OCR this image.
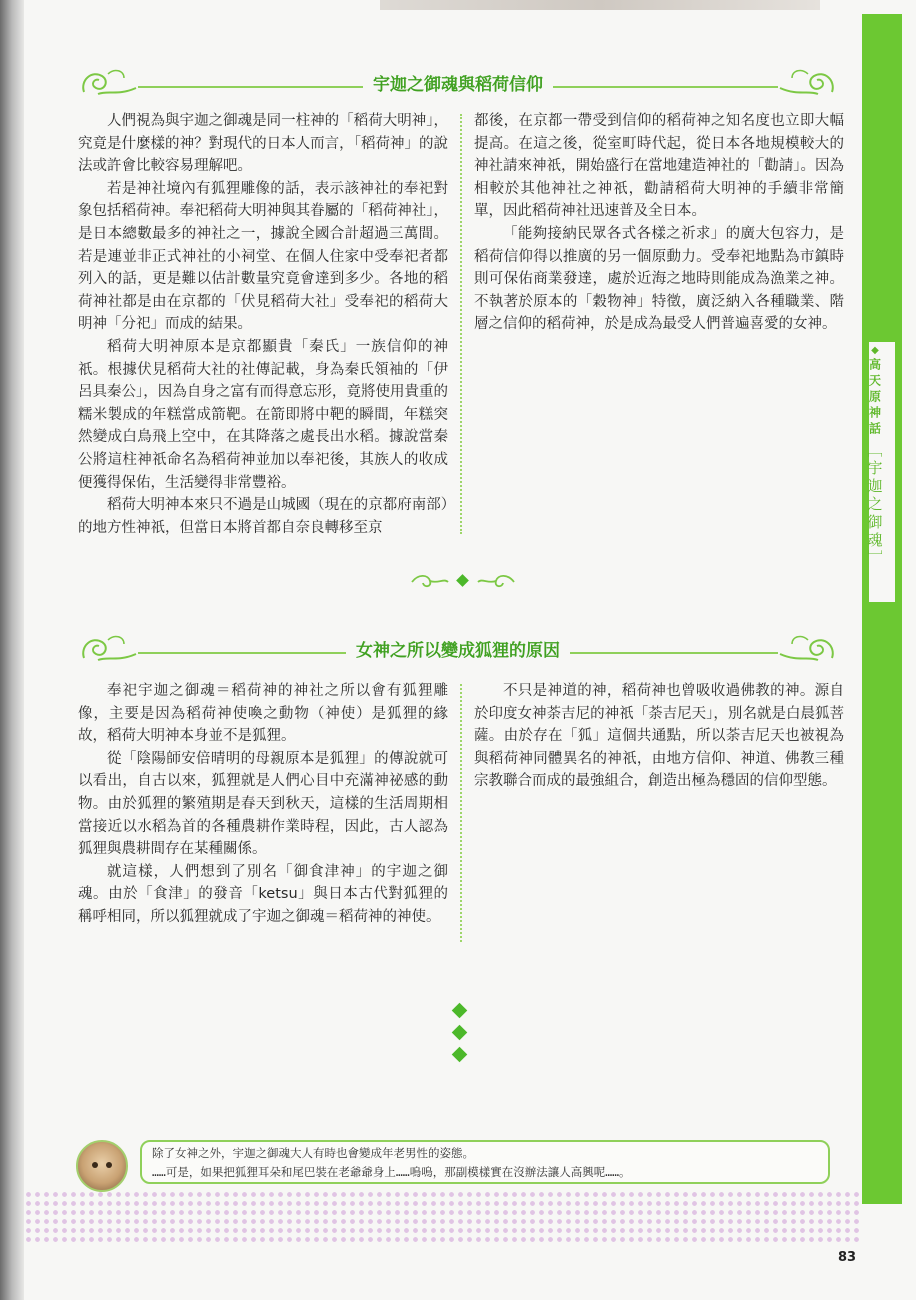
◆
高天原神話
［宇迦之御魂］
宇迦之御魂與稻荷信仰

人們視為與宇迦之御魂是同一柱神的「稻荷大明神」，究竟是什麼樣的神？對現代的日本人而言，「稻荷神」的說法或許會比較容易理解吧。

若是神社境內有狐狸雕像的話，表示該神社的奉祀對象包括稻荷神。奉祀稻荷大明神與其眷屬的「稻荷神社」，是日本總數最多的神社之一，據說全國合計超過三萬間。若是連並非正式神社的小祠堂、在個人住家中受奉祀者都列入的話，更是難以估計數量究竟會達到多少。各地的稻荷神社都是由在京都的「伏見稻荷大社」受奉祀的稻荷大明神「分祀」而成的結果。

稻荷大明神原本是京都顯貴「秦氏」一族信仰的神祇。根據伏見稻荷大社的社傳記載，身為秦氏領袖的「伊呂具秦公」，因為自身之富有而得意忘形，竟將使用貴重的糯米製成的年糕當成箭靶。在箭即將中靶的瞬間，年糕突然變成白鳥飛上空中，在其降落之處長出水稻。據說當秦公將這柱神祇命名為稻荷神並加以奉祀後，其族人的收成便獲得保佑，生活變得非常豐裕。

稻荷大明神本來只不過是山城國（現在的京都府南部）的地方性神祇，但當日本將首都自奈良轉移至京

都後，在京都一帶受到信仰的稻荷神之知名度也立即大幅提高。在這之後，從室町時代起，從日本各地規模較大的神社請來神祇，開始盛行在當地建造神社的「勸請」。因為相較於其他神社之神祇，勸請稻荷大明神的手續非常簡單，因此稻荷神社迅速普及全日本。

「能夠接納民眾各式各樣之祈求」的廣大包容力，是稻荷信仰得以推廣的另一個原動力。受奉祀地點為市鎮時則可保佑商業發達，處於近海之地時則能成為漁業之神。不執著於原本的「穀物神」特徵，廣泛納入各種職業、階層之信仰的稻荷神，於是成為最受人們普遍喜愛的女神。

女神之所以變成狐狸的原因

奉祀宇迦之御魂＝稻荷神的神社之所以會有狐狸雕像，主要是因為稻荷神使喚之動物（神使）是狐狸的緣故，稻荷大明神本身並不是狐狸。

從「陰陽師安倍晴明的母親原本是狐狸」的傳說就可以看出，自古以來，狐狸就是人們心目中充滿神祕感的動物。由於狐狸的繁殖期是春天到秋天，這樣的生活周期相當接近以水稻為首的各種農耕作業時程，因此，古人認為狐狸與農耕間存在某種關係。

就這樣，人們想到了別名「御食津神」的宇迦之御魂。由於「食津」的發音「ketsu」與日本古代對狐狸的稱呼相同，所以狐狸就成了宇迦之御魂＝稻荷神的神使。

不只是神道的神，稻荷神也曾吸收過佛教的神。源自於印度女神荼吉尼的神祇「荼吉尼天」，別名就是白晨狐菩薩。由於存在「狐」這個共通點，所以荼吉尼天也被視為與稻荷神同體異名的神祇，由地方信仰、神道、佛教三種宗教聯合而成的最強組合，創造出極為穩固的信仰型態。

除了女神之外，宇迦之御魂大人有時也會變成年老男性的姿態。
……可是，如果把狐狸耳朵和尾巴裝在老爺爺身上……嗚嗚，那副模樣實在沒辦法讓人高興呢……。
83
